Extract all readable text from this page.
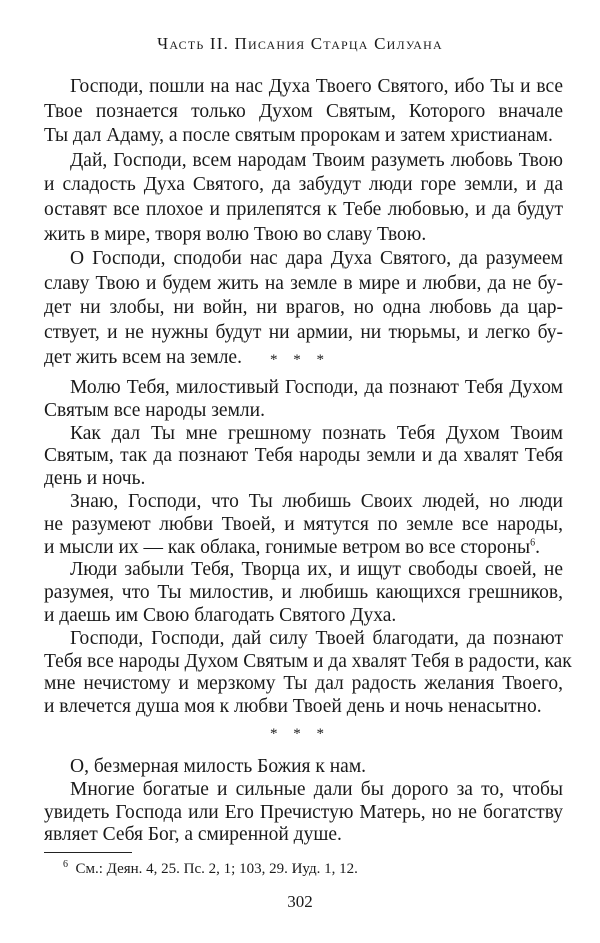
Часть II. Писания Старца Силуана
Господи, пошли на нас Духа Твоего Святого, ибо Ты и все
Твое познается только Духом Святым, Которого вначале
Ты дал Адаму, а после святым пророкам и затем христианам.
Дай, Господи, всем народам Твоим разуметь любовь Твою
и сладость Духа Святого, да забудут люди горе земли, и да
оставят все плохое и прилепятся к Тебе любовью, и да будут
жить в мире, творя волю Твою во славу Твою.
О Господи, сподоби нас дара Духа Святого, да разумеем
славу Твою и будем жить на земле в мире и любви, да не бу-
дет ни злобы, ни войн, ни врагов, но одна любовь да цар-
ствует, и не нужны будут ни армии, ни тюрьмы, и легко бу-
дет жить всем на земле.	* * *
Молю Тебя, милостивый Господи, да познают Тебя Духом
Святым все народы земли.
Как дал Ты мне грешному познать Тебя Духом Твоим
Святым, так да познают Тебя народы земли и да хвалят Тебя
день и ночь.
Знаю, Господи, что Ты любишь Своих людей, но люди
не разумеют любви Твоей, и мятутся по земле все народы,
и мысли их — как облака, гонимые ветром во все стороны$^6$.
Люди забыли Тебя, Творца их, и ищут свободы своей, не
разумея, что Ты милостив, и любишь кающихся грешников,
и даешь им Свою благодать Святого Духа.
Господи, Господи, дай силу Твоей благодати, да познают
Тебя все народы Духом Святым и да хвалят Тебя в радости, как
мне нечистому и мерзкому Ты дал радость желания Твоего,
и влечется душа моя к любви Твоей день и ночь ненасытно.
* * *
О, безмерная милость Божия к нам.
Многие богатые и сильные дали бы дорого за то, чтобы
увидеть Господа или Его Пречистую Матерь, но не богатству
являет Себя Бог, а смиренной душе.
$^6$ См.: Деян. 4, 25. Пс. 2, 1; 103, 29. Иуд. 1, 12.
302
